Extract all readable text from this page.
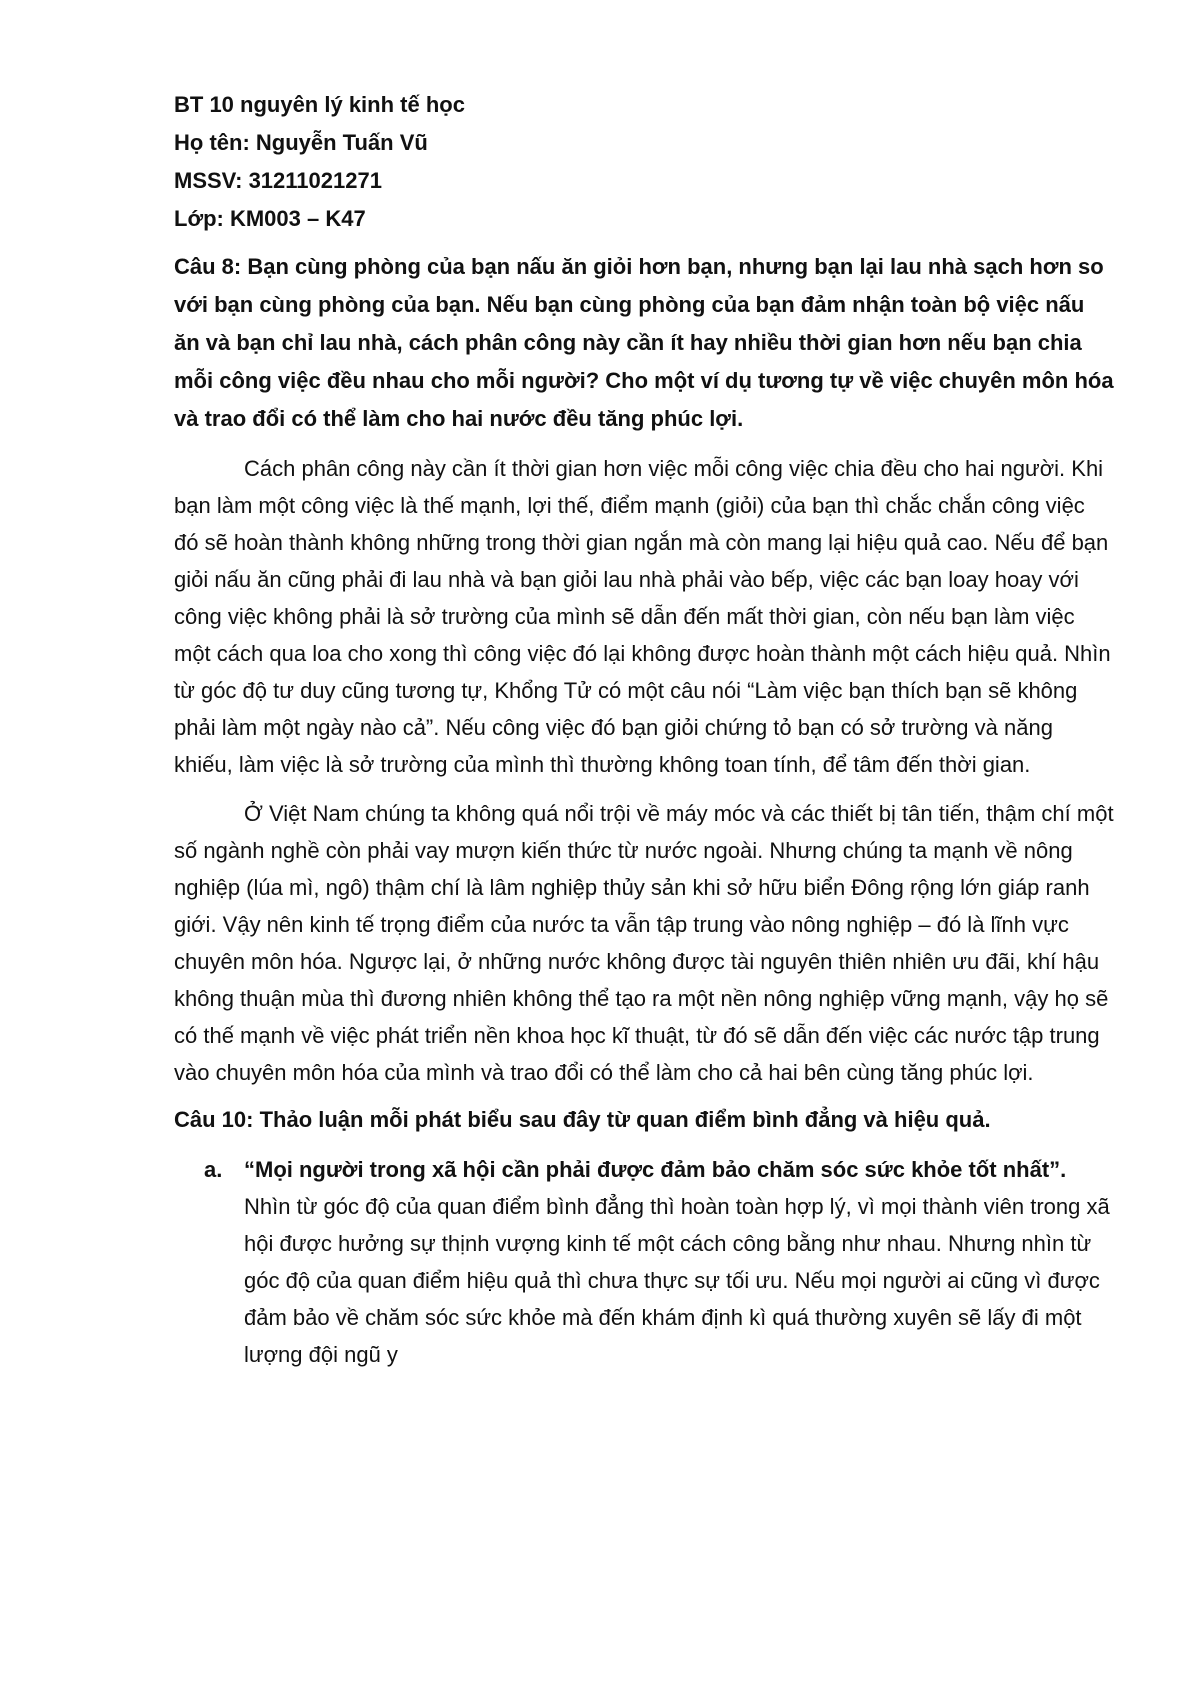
BT 10 nguyên lý kinh tế học

Họ tên: Nguyễn Tuấn Vũ

MSSV: 31211021271

Lớp: KM003 – K47

Câu 8: Bạn cùng phòng của bạn nấu ăn giỏi hơn bạn, nhưng bạn lại lau nhà sạch hơn so với bạn cùng phòng của bạn. Nếu bạn cùng phòng của bạn đảm nhận toàn bộ việc nấu ăn và bạn chỉ lau nhà, cách phân công này cần ít hay nhiều thời gian hơn nếu bạn chia mỗi công việc đều nhau cho mỗi người? Cho một ví dụ tương tự về việc chuyên môn hóa và trao đổi có thể làm cho hai nước đều tăng phúc lợi.

Cách phân công này cần ít thời gian hơn việc mỗi công việc chia đều cho hai người. Khi bạn làm một công việc là thế mạnh, lợi thế, điểm mạnh (giỏi) của bạn thì chắc chắn công việc đó sẽ hoàn thành không những trong thời gian ngắn mà còn mang lại hiệu quả cao. Nếu để bạn giỏi nấu ăn cũng phải đi lau nhà và bạn giỏi lau nhà phải vào bếp, việc các bạn loay hoay với công việc không phải là sở trường của mình sẽ dẫn đến mất thời gian, còn nếu bạn làm việc một cách qua loa cho xong thì công việc đó lại không được hoàn thành một cách hiệu quả. Nhìn từ góc độ tư duy cũng tương tự, Khổng Tử có một câu nói “Làm việc bạn thích bạn sẽ không phải làm một ngày nào cả”. Nếu công việc đó bạn giỏi chứng tỏ bạn có sở trường và năng khiếu, làm việc là sở trường của mình thì thường không toan tính, để tâm đến thời gian.

Ở Việt Nam chúng ta không quá nổi trội về máy móc và các thiết bị tân tiến, thậm chí một số ngành nghề còn phải vay mượn kiến thức từ nước ngoài. Nhưng chúng ta mạnh về nông nghiệp (lúa mì, ngô) thậm chí là lâm nghiệp thủy sản khi sở hữu biển Đông rộng lớn giáp ranh giới. Vậy nên kinh tế trọng điểm của nước ta vẫn tập trung vào nông nghiệp – đó là lĩnh vực chuyên môn hóa. Ngược lại, ở những nước không được tài nguyên thiên nhiên ưu đãi, khí hậu không thuận mùa thì đương nhiên không thể tạo ra một nền nông nghiệp vững mạnh, vậy họ sẽ có thế mạnh về việc phát triển nền khoa học kĩ thuật, từ đó sẽ dẫn đến việc các nước tập trung vào chuyên môn hóa của mình và trao đổi có thể làm cho cả hai bên cùng tăng phúc lợi.

Câu 10: Thảo luận mỗi phát biểu sau đây từ quan điểm bình đẳng và hiệu quả.

a. “Mọi người trong xã hội cần phải được đảm bảo chăm sóc sức khỏe tốt nhất”. Nhìn từ góc độ của quan điểm bình đẳng thì hoàn toàn hợp lý, vì mọi thành viên trong xã hội được hưởng sự thịnh vượng kinh tế một cách công bằng như nhau. Nhưng nhìn từ góc độ của quan điểm hiệu quả thì chưa thực sự tối ưu. Nếu mọi người ai cũng vì được đảm bảo về chăm sóc sức khỏe mà đến khám định kì quá thường xuyên sẽ lấy đi một lượng đội ngũ y
